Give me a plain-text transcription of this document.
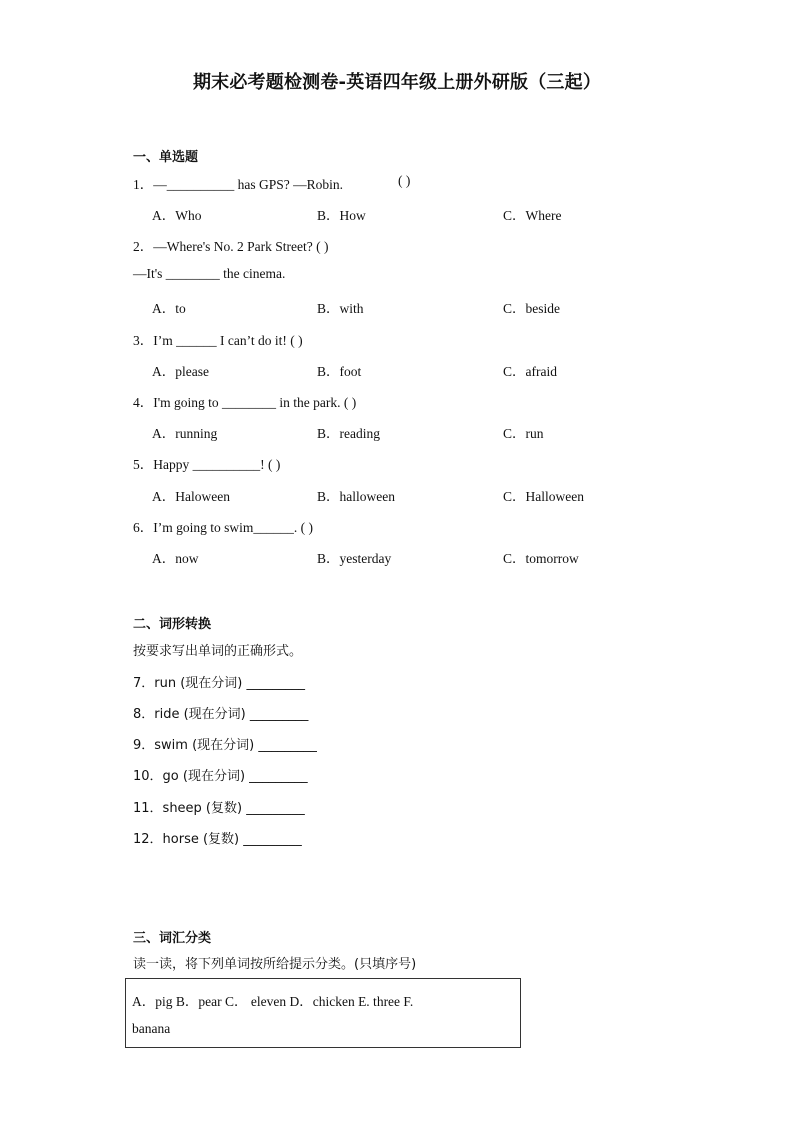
期末必考题检测卷-英语四年级上册外研版（三起）
一、单选题
1．—__________ has GPS? —Robin.	( )
A．Who	B．How	C．Where
2．—Where's No. 2 Park Street? ( )
—It's ________ the cinema.
A．to	B．with	C．beside
3．I’m ______ I can’t do it! ( )
A．please	B．foot	C．afraid
4．I'm going to ________ in the park. ( )
A．running	B．reading	C．run
5．Happy __________! ( )
A．Haloween	B．halloween	C．Halloween
6．I’m going to swim______. ( )
A．now	B．yesterday	C．tomorrow
二、词形转换
按要求写出单词的正确形式。
7．run (现在分词) _________
8．ride (现在分词) _________
9．swim (现在分词) _________
10．go (现在分词) _________
11．sheep (复数) _________
12．horse (复数) _________
三、词汇分类
读一读，将下列单词按所给提示分类。(只填序号)
A．pig B．pear C． eleven D．chicken E. three F.
banana
